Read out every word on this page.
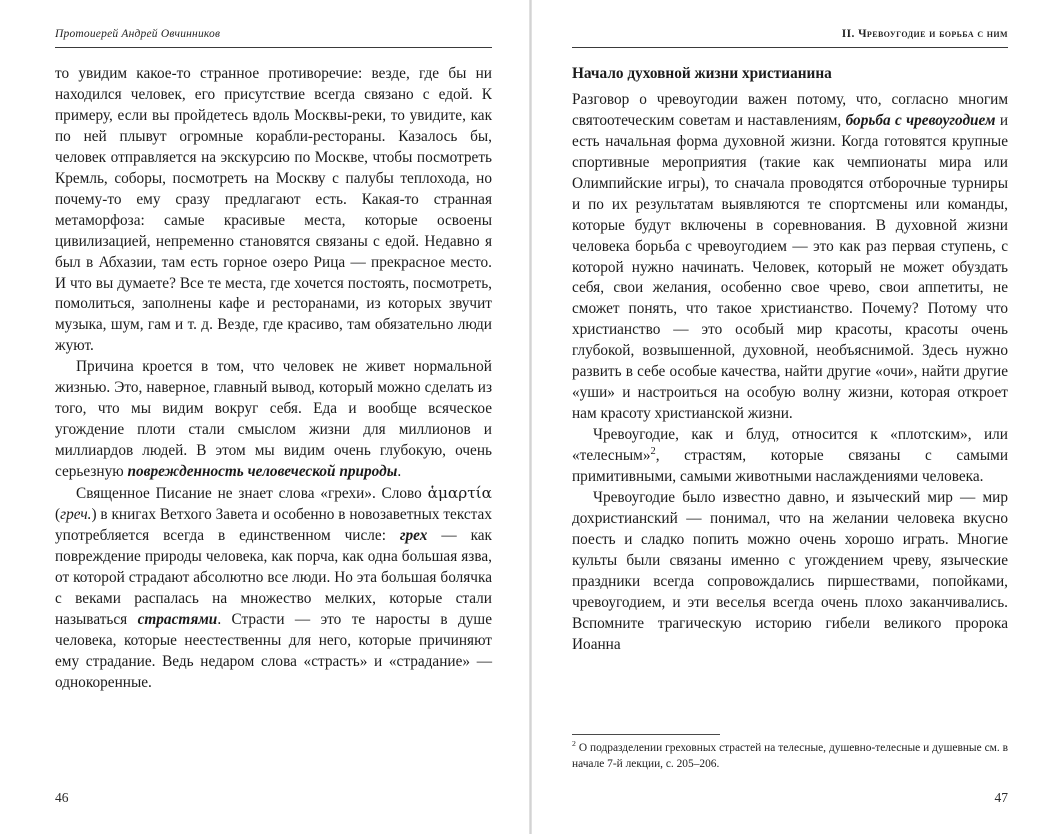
Протоиерей Андрей Овчинников

то увидим какое-то странное противоречие: везде, где бы ни находился человек, его присутствие всегда связано с едой. К примеру, если вы пройдетесь вдоль Москвы-реки, то увидите, как по ней плывут огромные корабли-рестораны. Казалось бы, человек отправляется на экскурсию по Москве, чтобы посмотреть Кремль, соборы, посмотреть на Москву с палубы теплохода, но почему-то ему сразу предлагают есть. Какая-то странная метаморфоза: самые красивые места, которые освоены цивилизацией, непременно становятся связаны с едой. Недавно я был в Абхазии, там есть горное озеро Рица — прекрасное место. И что вы думаете? Все те места, где хочется постоять, посмотреть, помолиться, заполнены кафе и ресторанами, из которых звучит музыка, шум, гам и т. д. Везде, где красиво, там обязательно люди жуют.

Причина кроется в том, что человек не живет нормальной жизнью. Это, наверное, главный вывод, который можно сделать из того, что мы видим вокруг себя. Еда и вообще всяческое угождение плоти стали смыслом жизни для миллионов и миллиардов людей. В этом мы видим очень глубокую, очень серьезную поврежденность человеческой природы.

Священное Писание не знает слова «грехи». Слово ἁμαρτία (греч.) в книгах Ветхого Завета и особенно в новозаветных текстах употребляется всегда в единственном числе: грех — как повреждение природы человека, как порча, как одна большая язва, от которой страдают абсолютно все люди. Но эта большая болячка с веками распалась на множество мелких, которые стали называться страстями. Страсти — это те наросты в душе человека, которые неестественны для него, которые причиняют ему страдание. Ведь недаром слова «страсть» и «страдание» — однокоренные.

46
II. Чревоугодие и борьба с ним
Начало духовной жизни христианина

Разговор о чревоугодии важен потому, что, согласно многим святоотеческим советам и наставлениям, борьба с чревоугодием и есть начальная форма духовной жизни. Когда готовятся крупные спортивные мероприятия (такие как чемпионаты мира или Олимпийские игры), то сначала проводятся отборочные турниры и по их результатам выявляются те спортсмены или команды, которые будут включены в соревнования. В духовной жизни человека борьба с чревоугодием — это как раз первая ступень, с которой нужно начинать. Человек, который не может обуздать себя, свои желания, особенно свое чрево, свои аппетиты, не сможет понять, что такое христианство. Почему? Потому что христианство — это особый мир красоты, красоты очень глубокой, возвышенной, духовной, необъяснимой. Здесь нужно развить в себе особые качества, найти другие «очи», найти другие «уши» и настроиться на особую волну жизни, которая откроет нам красоту христианской жизни.

Чревоугодие, как и блуд, относится к «плотским», или «телесным»$^2$, страстям, которые связаны с самыми примитивными, самыми животными наслаждениями человека.

Чревоугодие было известно давно, и языческий мир — мир дохристианский — понимал, что на желании человека вкусно поесть и сладко попить можно очень хорошо играть. Многие культы были связаны именно с угождением чреву, языческие праздники всегда сопровождались пиршествами, попойками, чревоугодием, и эти веселья всегда очень плохо заканчивались. Вспомните трагическую историю гибели великого пророка Иоанна

$^2$ О подразделении греховных страстей на телесные, душевно-телесные и душевные см. в начале 7-й лекции, с. 205–206.
47
